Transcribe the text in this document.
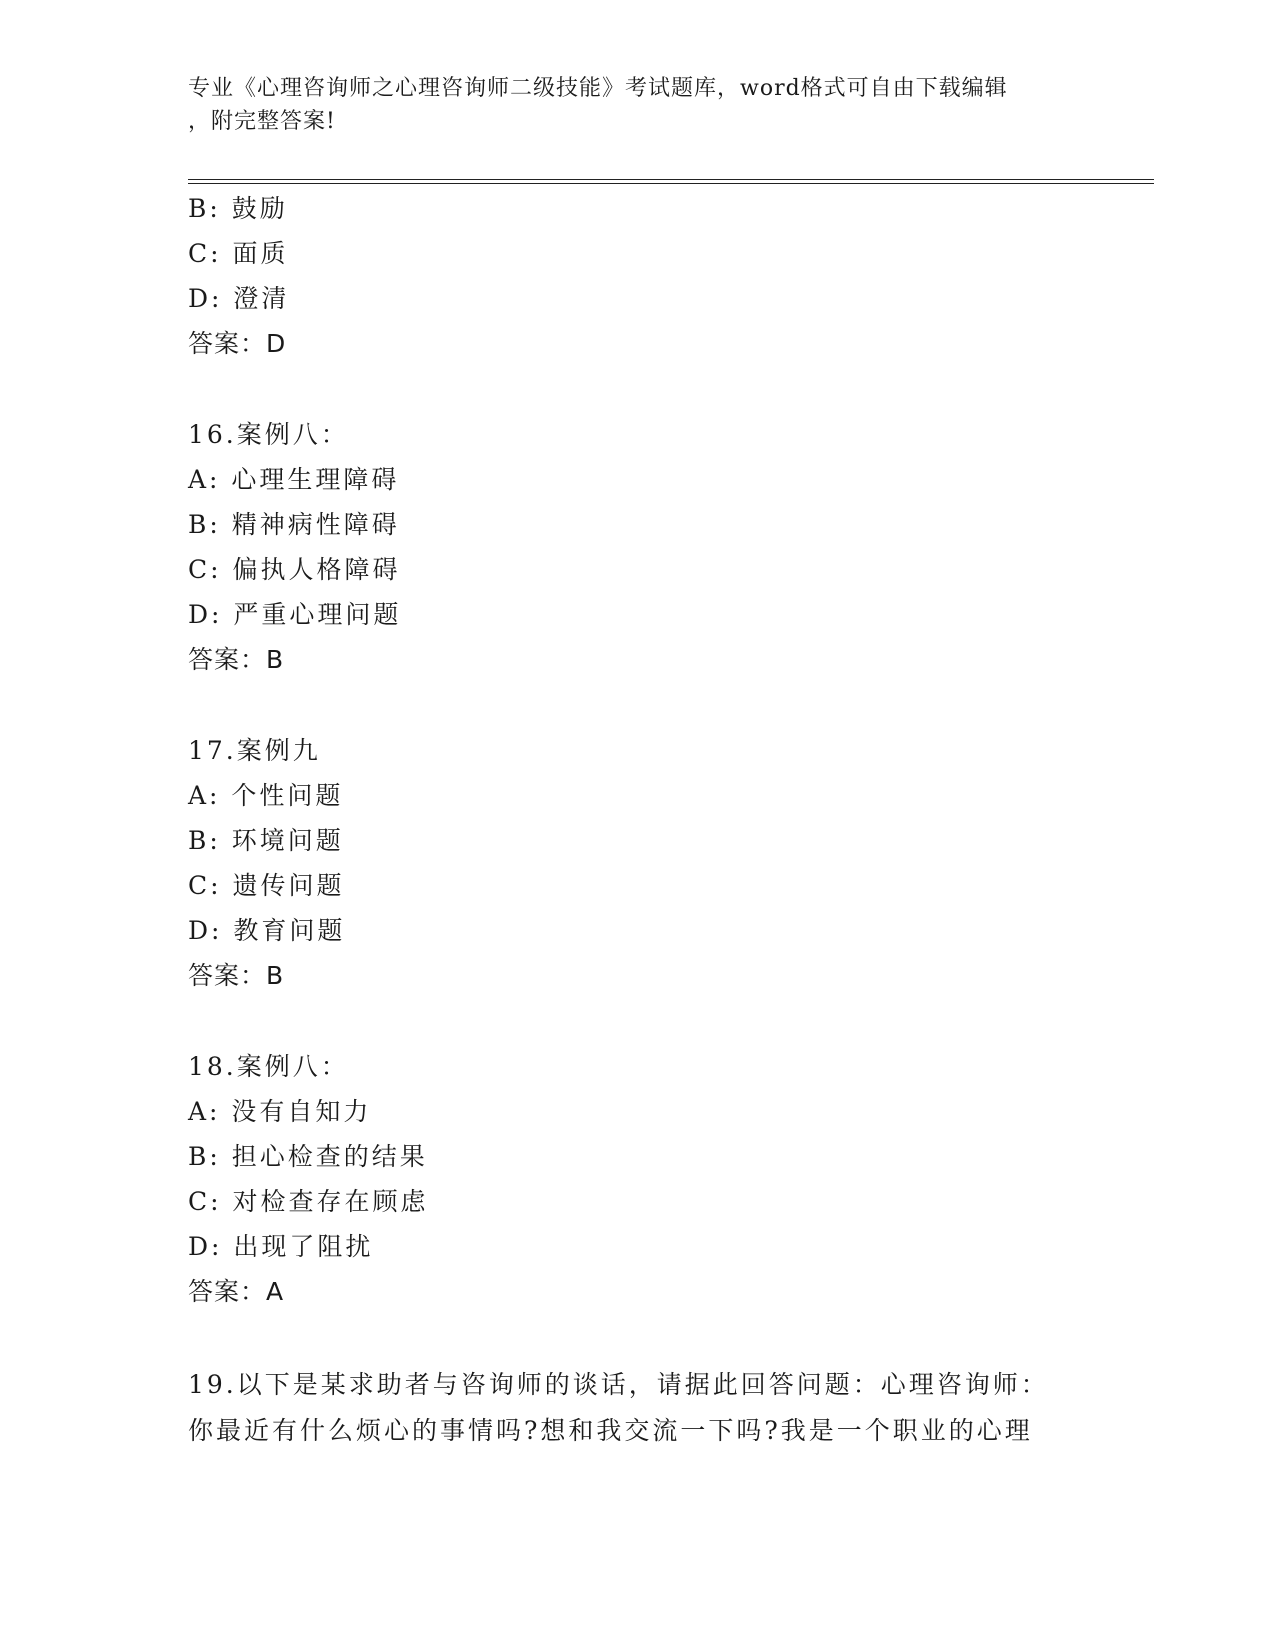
专业《心理咨询师之心理咨询师二级技能》考试题库，word格式可自由下载编辑
，附完整答案!
B: 鼓励
C: 面质
D: 澄清
答案：D
16.案例八：
A: 心理生理障碍
B: 精神病性障碍
C: 偏执人格障碍
D: 严重心理问题
答案：B
17.案例九
A: 个性问题
B: 环境问题
C: 遗传问题
D: 教育问题
答案：B
18.案例八：
A: 没有自知力
B: 担心检查的结果
C: 对检查存在顾虑
D: 出现了阻扰
答案：A
19.以下是某求助者与咨询师的谈话，请据此回答问题：心理咨询师：
你最近有什么烦心的事情吗?想和我交流一下吗?我是一个职业的心理
